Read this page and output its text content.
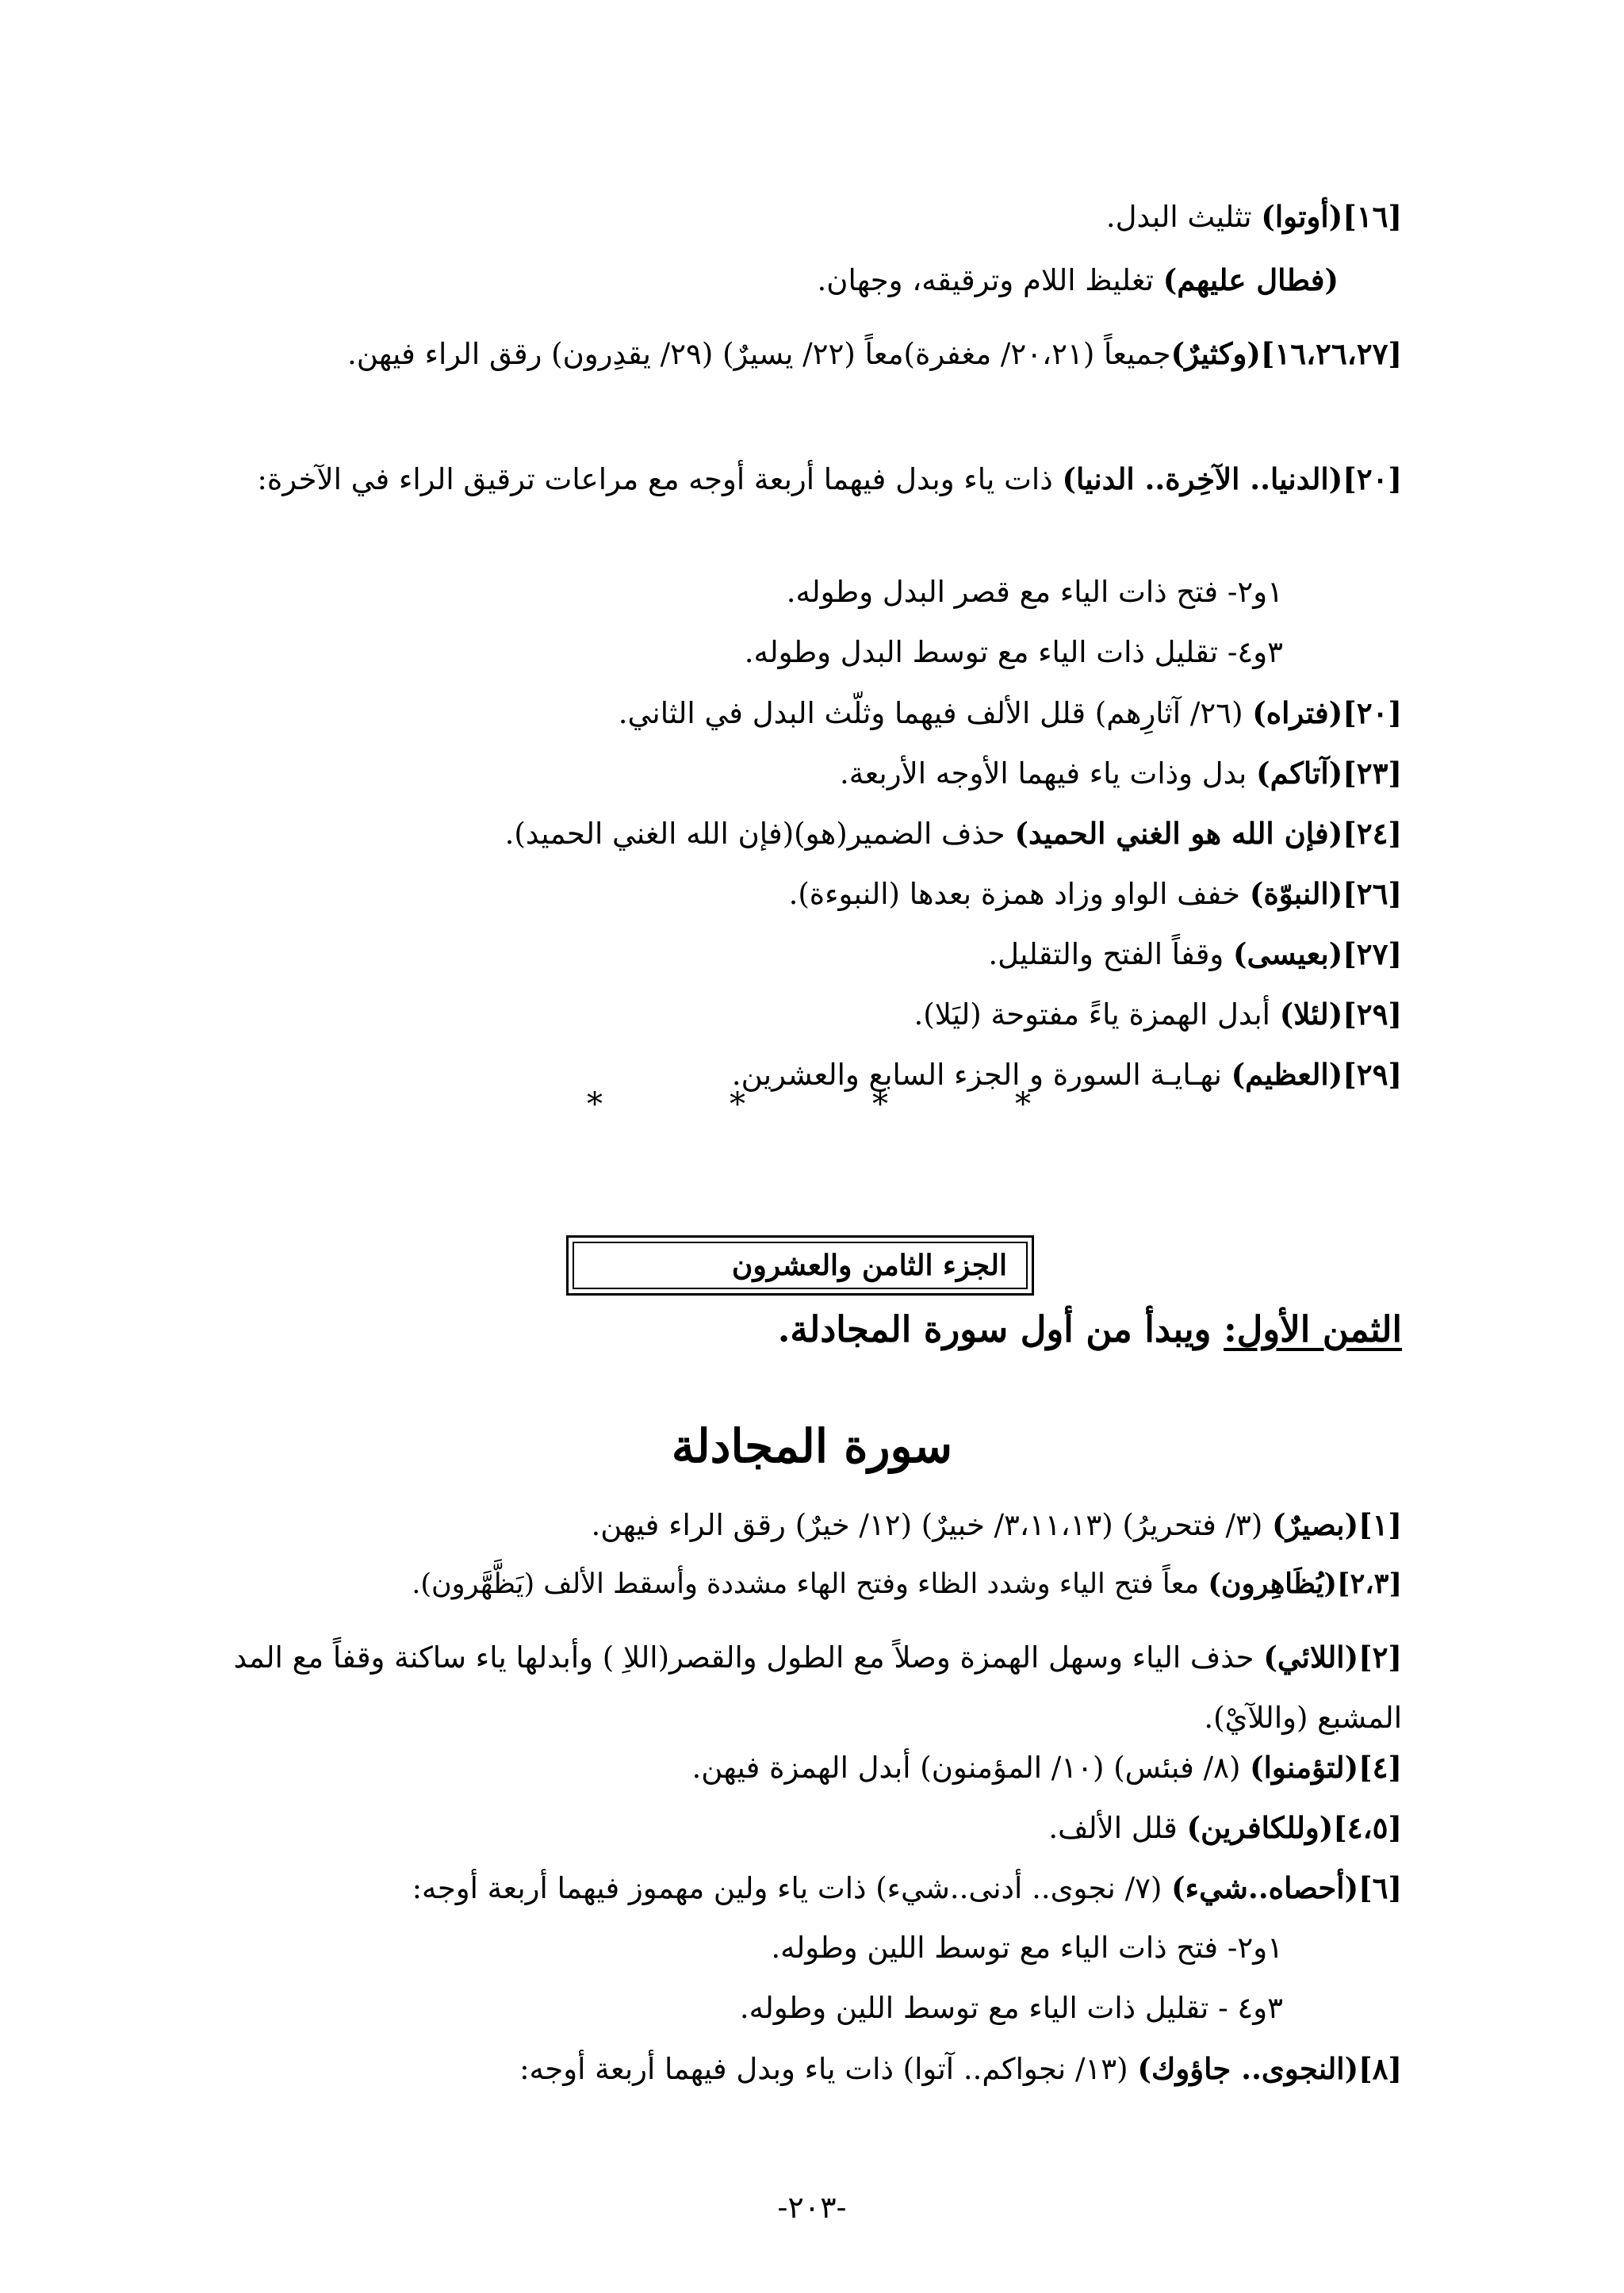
[١٦](أوتوا) تثليث البدل.
(فطال عليهم) تغليظ اللام وترقيقه، وجهان.
[١٦،٢٦،٢٧](وكثيرٌ)جميعاً (٢٠،٢١/ مغفرة)معاً (٢٢/ يسيرٌ) (٢٩/ يقدِرون) رقق الراء فيهن.
[٢٠](الدنيا.. الآخِرة.. الدنيا) ذات ياء وبدل فيهما أربعة أوجه مع مراعات ترقيق الراء في الآخرة:
١و٢- فتح ذات الياء مع قصر البدل وطوله.
٣و٤- تقليل ذات الياء مع توسط البدل وطوله.
[٢٠](فتراه) (٢٦/ آثارِهم) قلل الألف فيهما وثلّث البدل في الثاني.
[٢٣](آتاكم) بدل وذات ياء فيهما الأوجه الأربعة.
[٢٤](فإن الله هو الغني الحميد) حذف الضمير(هو)(فإن الله الغني الحميد).
[٢٦](النبوّة) خفف الواو وزاد همزة بعدها (النبوءة).
[٢٧](بعيسى) وقفاً الفتح والتقليل.
[٢٩](لئلا) أبدل الهمزة ياءً مفتوحة (ليَلا).
[٢٩](العظيم) نهـايـة السورة و الجزء السابع والعشرين.
*	*	*	*
الجزء الثامن والعشرون
الثمن الأول: ويبدأ من أول سورة المجادلة.
سورة المجادلة
[١](بصيرٌ) (٣/ فتحريرُ) (٣،١١،١٣/ خبيرٌ) (١٢/ خيرٌ) رقق الراء فيهن.
[٢،٣](يُظَاهِرون) معاً فتح الياء وشدد الظاء وفتح الهاء مشددة وأسقط الألف (يَظَّهَّرون).
[٢](اللائي) حذف الياء وسهل الهمزة وصلاً مع الطول والقصر(اللاِ ) وأبدلها ياء ساكنة وقفاً مع المد المشبع (واللآيْ).
[٤](لتؤمنوا) (٨/ فبئس) (١٠/ المؤمنون) أبدل الهمزة فيهن.
[٤،٥](وللكافرين) قلل الألف.
[٦](أحصاه..شيء) (٧/ نجوى.. أدنى..شيء) ذات ياء ولين مهموز فيهما أربعة أوجه:
١و٢- فتح ذات الياء مع توسط اللين وطوله.
٣و٤ - تقليل ذات الياء مع توسط اللين وطوله.
[٨](النجوى.. جاؤوك) (١٣/ نجواكم.. آتوا) ذات ياء وبدل فيهما أربعة أوجه:
-٢٠٣-
